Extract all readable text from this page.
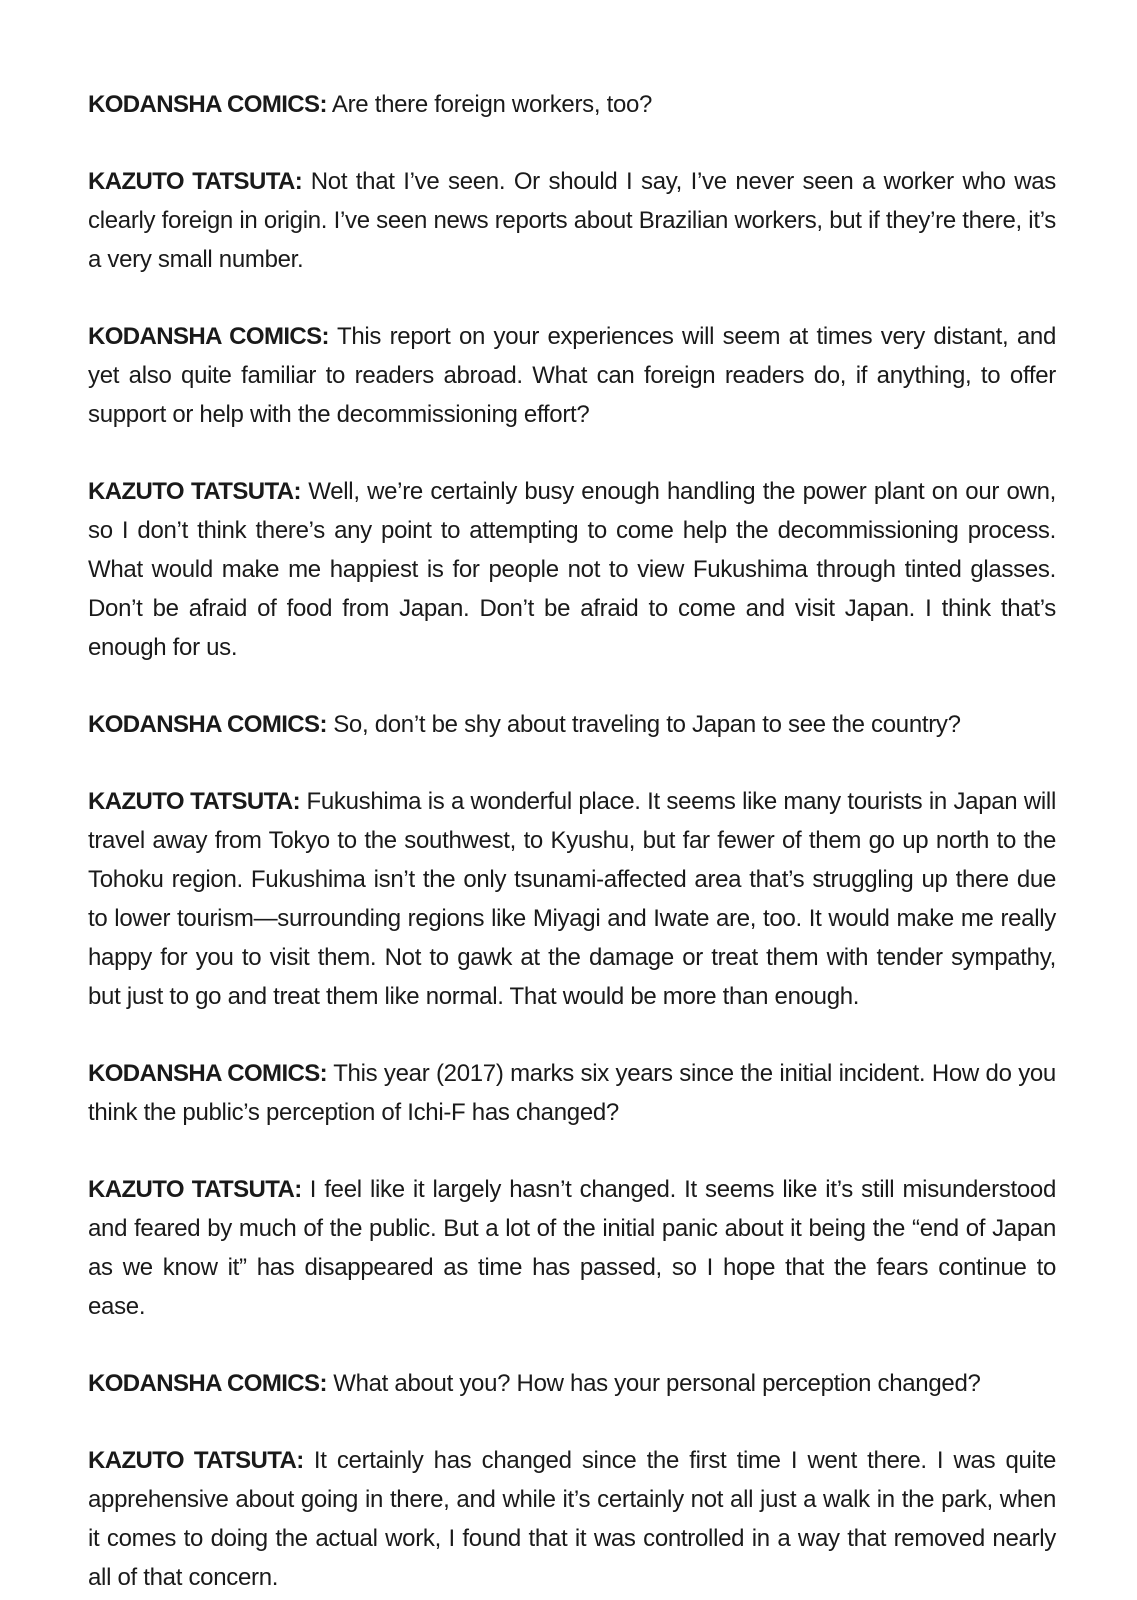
KODANSHA COMICS: Are there foreign workers, too?

KAZUTO TATSUTA: Not that I’ve seen. Or should I say, I’ve never seen a worker who was clearly foreign in origin. I’ve seen news reports about Brazilian workers, but if they’re there, it’s a very small number.

KODANSHA COMICS: This report on your experiences will seem at times very distant, and yet also quite familiar to readers abroad. What can foreign readers do, if anything, to offer support or help with the decommissioning effort?

KAZUTO TATSUTA: Well, we’re certainly busy enough handling the power plant on our own, so I don’t think there’s any point to attempting to come help the decommissioning process. What would make me happiest is for people not to view Fukushima through tinted glasses. Don’t be afraid of food from Japan. Don’t be afraid to come and visit Japan. I think that’s enough for us.

KODANSHA COMICS: So, don’t be shy about traveling to Japan to see the country?

KAZUTO TATSUTA: Fukushima is a wonderful place. It seems like many tourists in Japan will travel away from Tokyo to the southwest, to Kyushu, but far fewer of them go up north to the Tohoku region. Fukushima isn’t the only tsunami-affected area that’s struggling up there due to lower tourism—surrounding regions like Miyagi and Iwate are, too. It would make me really happy for you to visit them. Not to gawk at the damage or treat them with tender sympathy, but just to go and treat them like normal. That would be more than enough.

KODANSHA COMICS: This year (2017) marks six years since the initial incident. How do you think the public’s perception of Ichi-F has changed?

KAZUTO TATSUTA: I feel like it largely hasn’t changed. It seems like it’s still misunderstood and feared by much of the public. But a lot of the initial panic about it being the “end of Japan as we know it” has disappeared as time has passed, so I hope that the fears continue to ease.

KODANSHA COMICS: What about you? How has your personal perception changed?

KAZUTO TATSUTA: It certainly has changed since the first time I went there. I was quite apprehensive about going in there, and while it’s certainly not all just a walk in the park, when it comes to doing the actual work, I found that it was controlled in a way that removed nearly all of that concern.
